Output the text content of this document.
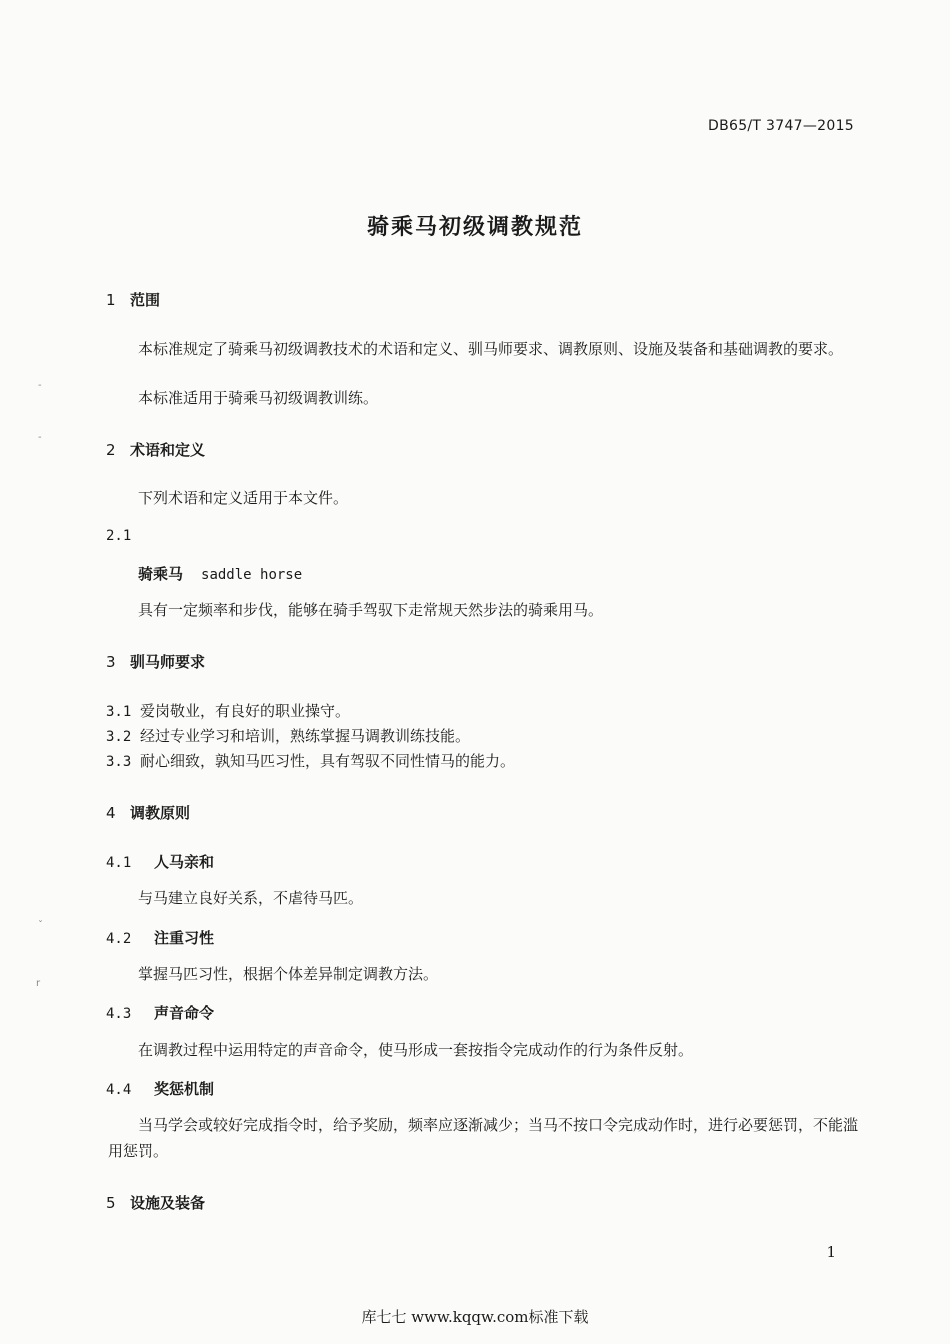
DB65/T 3747—2015
骑乘马初级调教规范
1 范围
本标准规定了骑乘马初级调教技术的术语和定义、驯马师要求、调教原则、设施及装备和基础调教的要求。
本标准适用于骑乘马初级调教训练。
2 术语和定义
下列术语和定义适用于本文件。
2.1
骑乘马 saddle horse
具有一定频率和步伐，能够在骑手驾驭下走常规天然步法的骑乘用马。
3 驯马师要求
3.1 爱岗敬业，有良好的职业操守。
3.2 经过专业学习和培训，熟练掌握马调教训练技能。
3.3 耐心细致，孰知马匹习性，具有驾驭不同性情马的能力。
4 调教原则
4.1 人马亲和
与马建立良好关系，不虐待马匹。
4.2 注重习性
掌握马匹习性，根据个体差异制定调教方法。
4.3 声音命令
在调教过程中运用特定的声音命令，使马形成一套按指令完成动作的行为条件反射。
4.4 奖惩机制
当马学会或较好完成指令时，给予奖励，频率应逐渐减少；当马不按口令完成动作时，进行必要惩罚，不能滥用惩罚。
5 设施及装备
1
库七七 www.kqqw.com标准下载
-
-
ˇ
r
